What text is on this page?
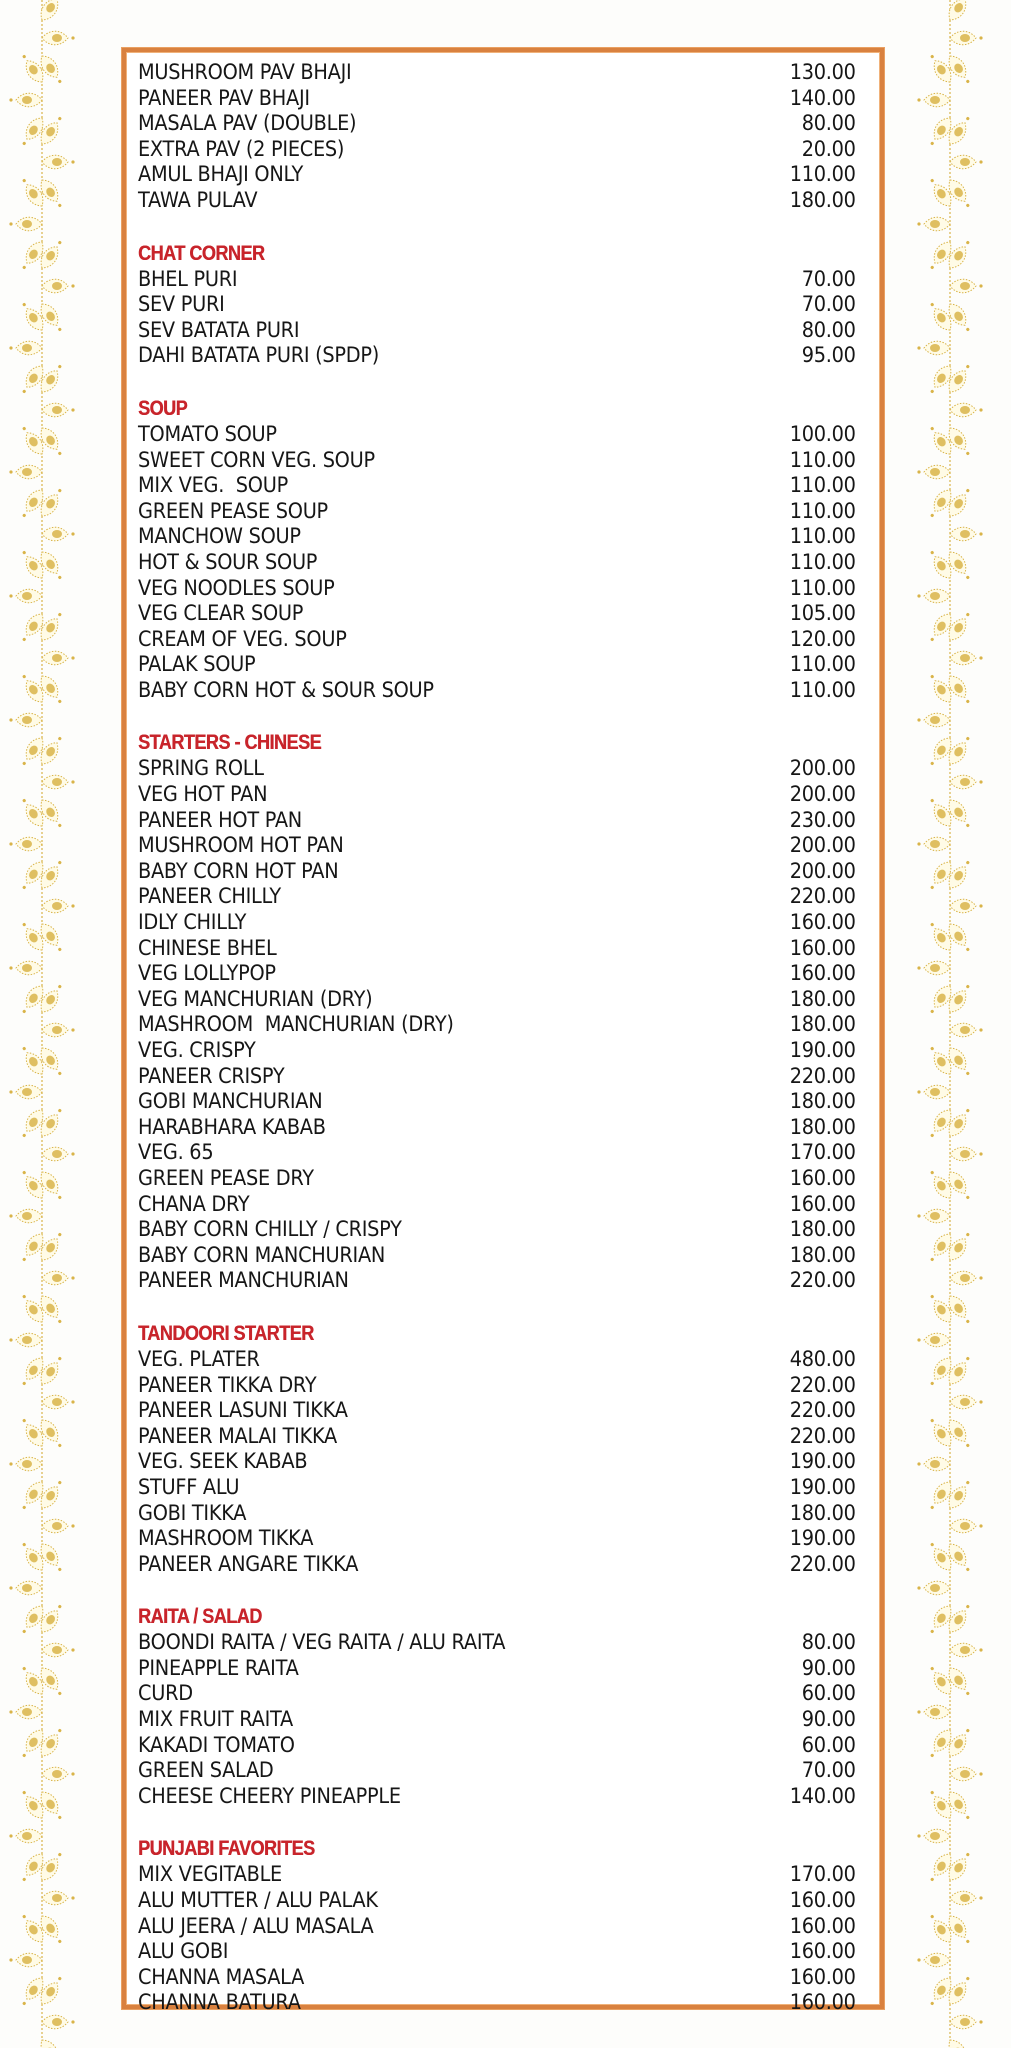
MUSHROOM PAV BHAJI	130.00
PANEER PAV BHAJI	140.00
MASALA PAV (DOUBLE)	80.00
EXTRA PAV (2 PIECES)	20.00
AMUL BHAJI ONLY	110.00
TAWA PULAV	180.00
CHAT CORNER
BHEL PURI	70.00
SEV PURI	70.00
SEV BATATA PURI	80.00
DAHI BATATA PURI (SPDP)	95.00
SOUP
TOMATO SOUP	100.00
SWEET CORN VEG. SOUP	110.00
MIX VEG.  SOUP	110.00
GREEN PEASE SOUP	110.00
MANCHOW SOUP	110.00
HOT & SOUR SOUP	110.00
VEG NOODLES SOUP	110.00
VEG CLEAR SOUP	105.00
CREAM OF VEG. SOUP	120.00
PALAK SOUP	110.00
BABY CORN HOT & SOUR SOUP	110.00
STARTERS - CHINESE
SPRING ROLL	200.00
VEG HOT PAN	200.00
PANEER HOT PAN	230.00
MUSHROOM HOT PAN	200.00
BABY CORN HOT PAN	200.00
PANEER CHILLY	220.00
IDLY CHILLY	160.00
CHINESE BHEL	160.00
VEG LOLLYPOP	160.00
VEG MANCHURIAN (DRY)	180.00
MASHROOM  MANCHURIAN (DRY)	180.00
VEG. CRISPY	190.00
PANEER CRISPY	220.00
GOBI MANCHURIAN	180.00
HARABHARA KABAB	180.00
VEG. 65	170.00
GREEN PEASE DRY	160.00
CHANA DRY	160.00
BABY CORN CHILLY / CRISPY	180.00
BABY CORN MANCHURIAN	180.00
PANEER MANCHURIAN	220.00
TANDOORI STARTER
VEG. PLATER	480.00
PANEER TIKKA DRY	220.00
PANEER LASUNI TIKKA	220.00
PANEER MALAI TIKKA	220.00
VEG. SEEK KABAB	190.00
STUFF ALU	190.00
GOBI TIKKA	180.00
MASHROOM TIKKA	190.00
PANEER ANGARE TIKKA	220.00
RAITA / SALAD
BOONDI RAITA / VEG RAITA / ALU RAITA	80.00
PINEAPPLE RAITA	90.00
CURD	60.00
MIX FRUIT RAITA	90.00
KAKADI TOMATO	60.00
GREEN SALAD	70.00
CHEESE CHEERY PINEAPPLE	140.00
PUNJABI FAVORITES
MIX VEGITABLE	170.00
ALU MUTTER / ALU PALAK	160.00
ALU JEERA / ALU MASALA	160.00
ALU GOBI	160.00
CHANNA MASALA	160.00
CHANNA BATURA	160.00
